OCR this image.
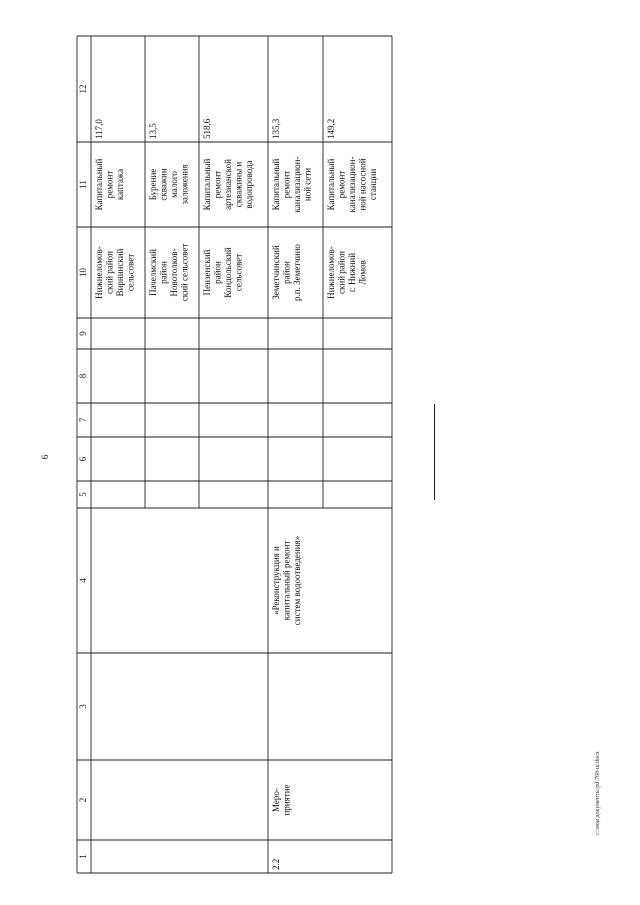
6
c:\мои документы\pd\768-ш.docx
1
2
3
4
5
6
7
8
9
10
11
12
Нижнеломов- ский район Вирнинский сельсовет
Капитальный ремонт каптажа
117,0
Пачелмский район Новотолков- ский сельсовет
Бурение скважин малого заложения
13,5
Пензенский район Кондольский сельсовет
Капитальный ремонт артезианской скважины и водопровода
518,6
2.2
Меро- приятие
«Реконструкция и капитальный ремонт систем водоотведения»
Земетчинский район р.п. Земетчино
Капитальный ремонт канализацион- ной сети
135,3
Нижнеломов- ский район г. Нижний Ломов
Капитальный ремонт канализацион- ной насосной станции
149,2
